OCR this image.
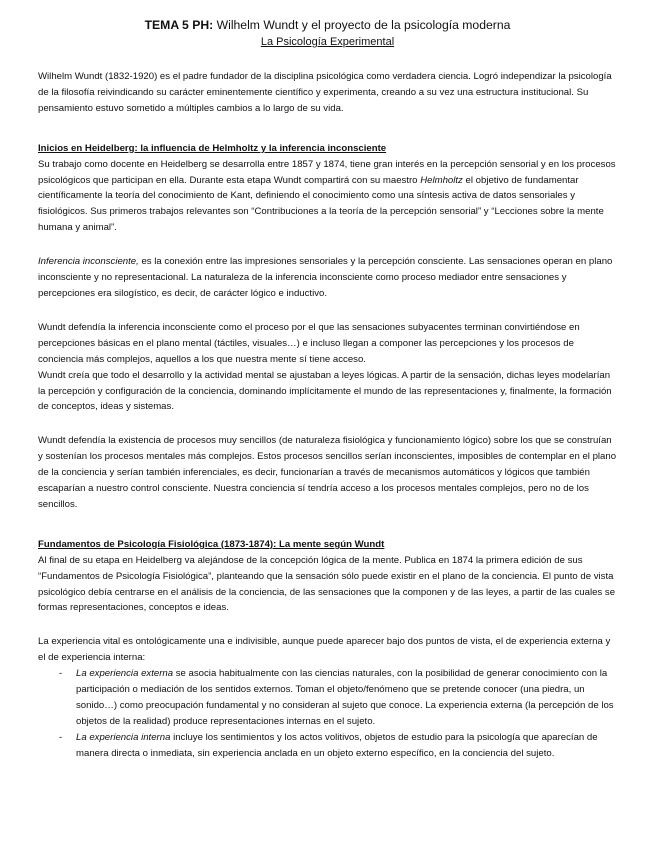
TEMA 5 PH: Wilhelm Wundt y el proyecto de la psicología moderna
La Psicología Experimental

Wilhelm Wundt (1832-1920) es el padre fundador de la disciplina psicológica como verdadera ciencia. Logró independizar la psicología de la filosofía reivindicando su carácter eminentemente científico y experimenta, creando a su vez una estructura institucional. Su pensamiento estuvo sometido a múltiples cambios a lo largo de su vida.

Inicios en Heidelberg: la influencia de Helmholtz y la inferencia inconsciente

Su trabajo como docente en Heidelberg se desarrolla entre 1857 y 1874, tiene gran interés en la percepción sensorial y en los procesos psicológicos que participan en ella. Durante esta etapa Wundt compartirá con su maestro Helmholtz el objetivo de fundamentar científicamente la teoría del conocimiento de Kant, definiendo el conocimiento como una síntesis activa de datos sensoriales y fisiológicos. Sus primeros trabajos relevantes son “Contribuciones a la teoría de la percepción sensorial” y “Lecciones sobre la mente humana y animal”.

Inferencia inconsciente, es la conexión entre las impresiones sensoriales y la percepción consciente. Las sensaciones operan en plano inconsciente y no representacional. La naturaleza de la inferencia inconsciente como proceso mediador entre sensaciones y percepciones era silogístico, es decir, de carácter lógico e inductivo.

Wundt defendía la inferencia inconsciente como el proceso por el que las sensaciones subyacentes terminan convirtiéndose en percepciones básicas en el plano mental (táctiles, visuales…) e incluso llegan a componer las percepciones y los procesos de conciencia más complejos, aquellos a los que nuestra mente sí tiene acceso.

Wundt creía que todo el desarrollo y la actividad mental se ajustaban a leyes lógicas. A partir de la sensación, dichas leyes modelarían la percepción y configuración de la conciencia, dominando implícitamente el mundo de las representaciones y, finalmente, la formación de conceptos, ideas y sistemas.

Wundt defendía la existencia de procesos muy sencillos (de naturaleza fisiológica y funcionamiento lógico) sobre los que se construían y sostenían los procesos mentales más complejos. Estos procesos sencillos serían inconscientes, imposibles de contemplar en el plano de la conciencia y serían también inferenciales, es decir, funcionarían a través de mecanismos automáticos y lógicos que también escaparían a nuestro control consciente. Nuestra conciencia sí tendría acceso a los procesos mentales complejos, pero no de los sencillos.

Fundamentos de Psicología Fisiológica (1873-1874): La mente según Wundt

Al final de su etapa en Heidelberg va alejándose de la concepción lógica de la mente. Publica en 1874 la primera edición de sus “Fundamentos de Psicología Fisiológica”, planteando que la sensación sólo puede existir en el plano de la conciencia. El punto de vista psicológico debía centrarse en el análisis de la conciencia, de las sensaciones que la componen y de las leyes, a partir de las cuales se formas representaciones, conceptos e ideas.

La experiencia vital es ontológicamente una e indivisible, aunque puede aparecer bajo dos puntos de vista, el de experiencia externa y el de experiencia interna:

- La experiencia externa se asocia habitualmente con las ciencias naturales, con la posibilidad de generar conocimiento con la participación o mediación de los sentidos externos. Toman el objeto/fenómeno que se pretende conocer (una piedra, un sonido…) como preocupación fundamental y no consideran al sujeto que conoce. La experiencia externa (la percepción de los objetos de la realidad) produce representaciones internas en el sujeto.
- La experiencia interna incluye los sentimientos y los actos volitivos, objetos de estudio para la psicología que aparecían de manera directa o inmediata, sin experiencia anclada en un objeto externo específico, en la conciencia del sujeto.
